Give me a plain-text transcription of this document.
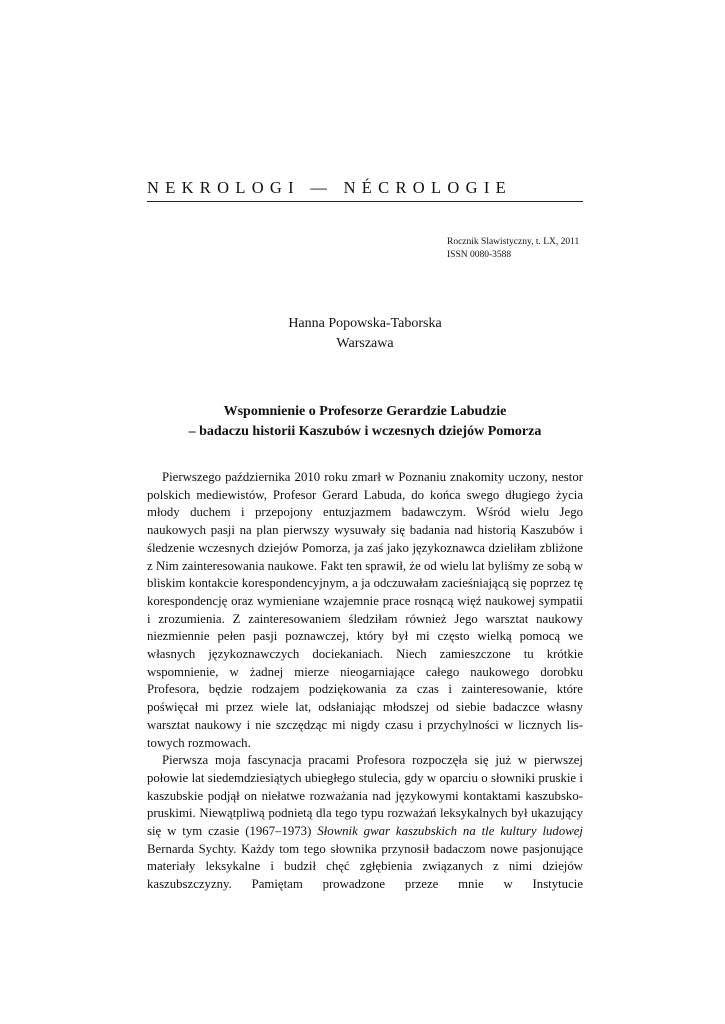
NEKROLOGI — NÉCROLOGIE
Rocznik Slawistyczny, t. LX, 2011
ISSN 0080-3588
Hanna Popowska-Taborska
Warszawa
Wspomnienie o Profesorze Gerardzie Labudzie
– badaczu historii Kaszubów i wczesnych dziejów Pomorza

Pierwszego października 2010 roku zmarł w Poznaniu znakomity uczony, nestor polskich mediewistów, Profesor Gerard Labuda, do końca swego długiego życia młody duchem i przepojony entuzjazmem badawczym. Wśród wielu Jego naukowych pasji na plan pierwszy wysuwały się badania nad historią Kaszubów i śledzenie wczesnych dziejów Pomorza, ja zaś jako językoznawca dzieliłam zbliżone z Nim zainteresowania naukowe. Fakt ten sprawił, że od wielu lat byliśmy ze sobą w bliskim kontakcie korespondencyjnym, a ja odczuwałam zacieśniającą się poprzez tę korespondencję oraz wymieniane wzajemnie prace rosnącą więź naukowej sympatii i zrozumienia. Z zainteresowaniem śledziłam również Jego warsztat naukowy niezmiennie pełen pasji poznawczej, który był mi często wielką pomocą we własnych językoznawczych dociekaniach. Niech zamieszczone tu krótkie wspomnienie, w żadnej mierze nieogarniające całego naukowego dorobku Profesora, będzie rodzajem podziękowania za czas i zainteresowanie, które poświęcał mi przez wiele lat, odsłaniając młodszej od siebie badaczce własny warsztat naukowy i nie szczędząc mi nigdy czasu i przychylności w licznych listowych rozmowach.

Pierwsza moja fascynacja pracami Profesora rozpoczęła się już w pierwszej połowie lat siedemdziesiątych ubiegłego stulecia, gdy w oparciu o słowniki pruskie i kaszubskie podjął on niełatwe rozważania nad językowymi kontaktami kaszubsko-pruskimi. Niewątpliwą podnietą dla tego typu rozważań leksykalnych był ukazujący się w tym czasie (1967–1973) Słownik gwar kaszubskich na tle kultury ludowej Bernarda Sychty. Każdy tom tego słownika przynosił badaczom nowe pasjonujące materiały leksykalne i budził chęć zgłębienia związanych z nimi dziejów kaszubszczyzny. Pamiętam prowadzone przeze mnie w Instytucie
